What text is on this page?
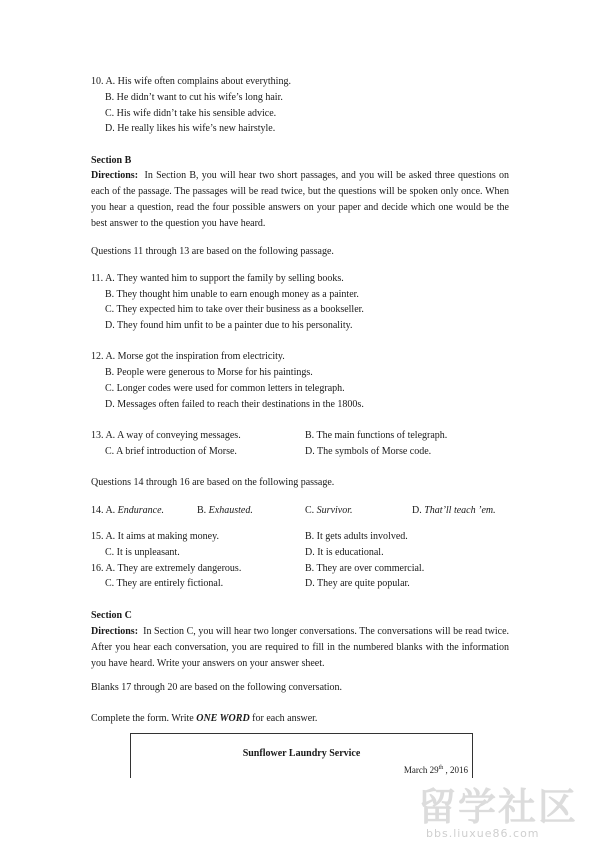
10. A. His wife often complains about everything.
B. He didn’t want to cut his wife’s long hair.
C. His wife didn’t take his sensible advice.
D. He really likes his wife’s new hairstyle.
Section B
Directions: In Section B, you will hear two short passages, and you will be asked three questions on each of the passage. The passages will be read twice, but the questions will be spoken only once. When you hear a question, read the four possible answers on your paper and decide which one would be the best answer to the question you have heard.
Questions 11 through 13 are based on the following passage.
11. A. They wanted him to support the family by selling books.
B. They thought him unable to earn enough money as a painter.
C. They expected him to take over their business as a bookseller.
D. They found him unfit to be a painter due to his personality.
12. A. Morse got the inspiration from electricity.
B. People were generous to Morse for his paintings.
C. Longer codes were used for common letters in telegraph.
D. Messages often failed to reach their destinations in the 1800s.
13. A. A way of conveying messages.	B. The main functions of telegraph.
C. A brief introduction of Morse.	D. The symbols of Morse code.
Questions 14 through 16 are based on the following passage.
14. A. Endurance.	B. Exhausted.	C. Survivor.	D. That’ll teach ’em.
15. A. It aims at making money.	B. It gets adults involved.
C. It is unpleasant.	D. It is educational.
16. A. They are extremely dangerous.	B. They are over commercial.
C. They are entirely fictional.	D. They are quite popular.
Section C
Directions: In Section C, you will hear two longer conversations. The conversations will be read twice. After you hear each conversation, you are required to fill in the numbered blanks with the information you have heard. Write your answers on your answer sheet.
Blanks 17 through 20 are based on the following conversation.
Complete the form. Write ONE WORD for each answer.
Sunflower Laundry Service
March 29th , 2016
留学社区
bbs.liuxue86.com
